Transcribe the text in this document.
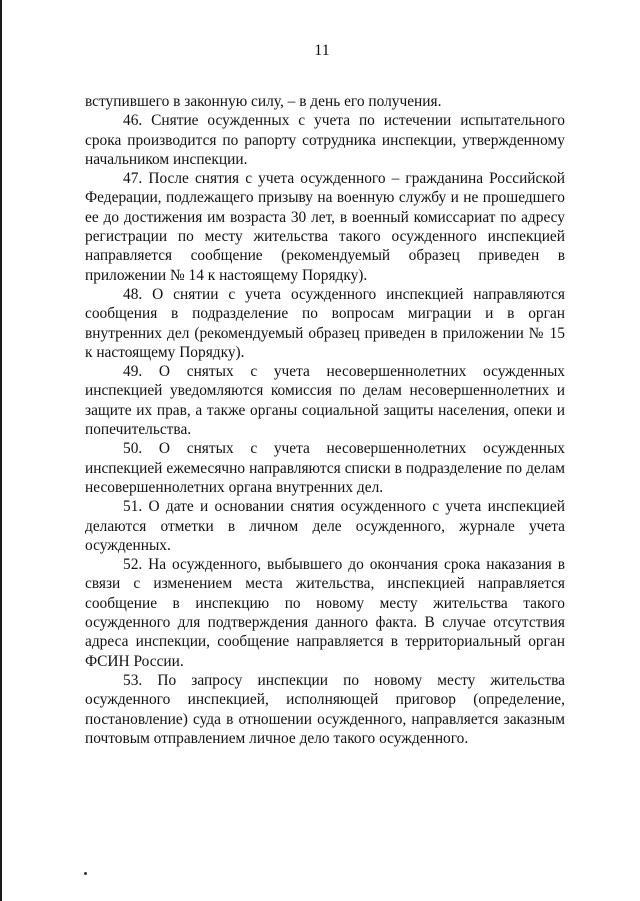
11

вступившего в законную силу, – в день его получения.

46. Снятие осужденных с учета по истечении испытательного срока производится по рапорту сотрудника инспекции, утвержденному начальником инспекции.

47. После снятия с учета осужденного – гражданина Российской Федерации, подлежащего призыву на военную службу и не прошедшего ее до достижения им возраста 30 лет, в военный комиссариат по адресу регистрации по месту жительства такого осужденного инспекцией направляется сообщение (рекомендуемый образец приведен в приложении № 14 к настоящему Порядку).

48. О снятии с учета осужденного инспекцией направляются сообщения в подразделение по вопросам миграции и в орган внутренних дел (рекомендуемый образец приведен в приложении № 15 к настоящему Порядку).

49. О снятых с учета несовершеннолетних осужденных инспекцией уведомляются комиссия по делам несовершеннолетних и защите их прав, а также органы социальной защиты населения, опеки и попечительства.

50. О снятых с учета несовершеннолетних осужденных инспекцией ежемесячно направляются списки в подразделение по делам несовершеннолетних органа внутренних дел.

51. О дате и основании снятия осужденного с учета инспекцией делаются отметки в личном деле осужденного, журнале учета осужденных.

52. На осужденного, выбывшего до окончания срока наказания в связи с изменением места жительства, инспекцией направляется сообщение в инспекцию по новому месту жительства такого осужденного для подтверждения данного факта. В случае отсутствия адреса инспекции, сообщение направляется в территориальный орган ФСИН России.

53. По запросу инспекции по новому месту жительства осужденного инспекцией, исполняющей приговор (определение, постановление) суда в отношении осужденного, направляется заказным почтовым отправлением личное дело такого осужденного.
